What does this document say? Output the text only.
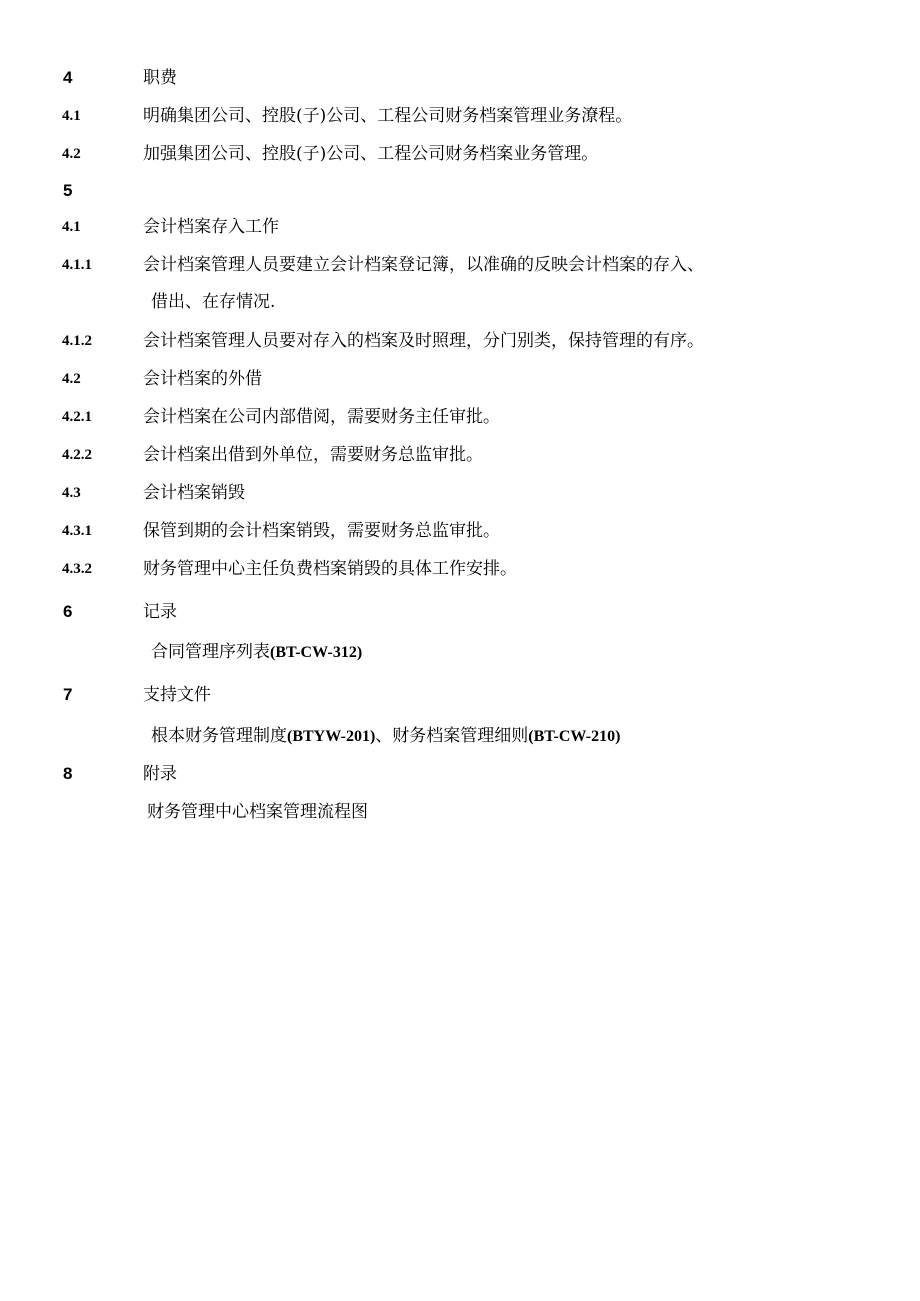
4	职费
4.1	明确集团公司、控股(子)公司、工程公司财务档案管理业务潦程。
4.2	加强集团公司、控股(子)公司、工程公司财务档案业务管理。
5
4.1	会计档案存入工作
4.1.1	会计档案管理人员要建立会计档案登记簿，以准确的反映会计档案的存入、
借出、在存情况.
4.1.2	会计档案管理人员要对存入的档案及时照理，分门别类，保持管理的有序。
4.2	会计档案的外借
4.2.1	会计档案在公司内部借阅，需要财务主任审批。
4.2.2	会计档案出借到外单位，需要财务总监审批。
4.3	会计档案销毁
4.3.1	保管到期的会计档案销毁，需要财务总监审批。
4.3.2	财务管理中心主任负费档案销毁的具体工作安排。
6	记录
合同管理序列表(BT-CW-312)
7	支持文件
根本财务管理制度(BTYW-201)、财务档案管理细则(BT-CW-210)
8	附录
财务管理中心档案管理流程图
